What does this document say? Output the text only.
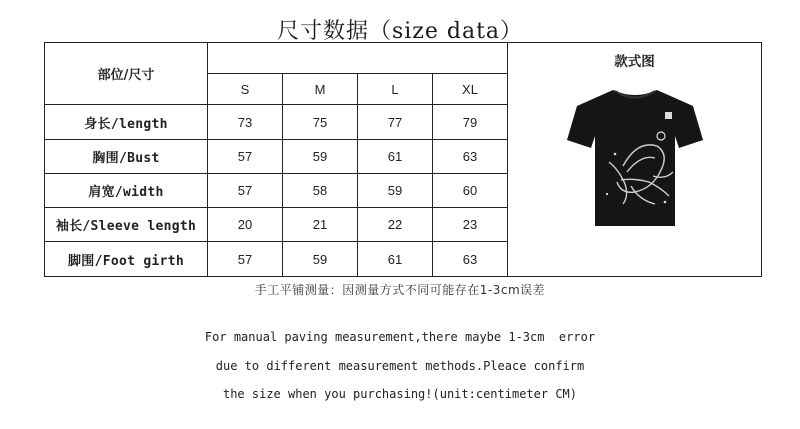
尺寸数据（size data）
部位/尺寸					款式图

	S	M	L	XL	
身长/length	73	75	77	79	
胸围/Bust	57	59	61	63	
肩宽/width	57	58	59	60	
袖长/Sleeve length	20	21	22	23	
脚围/Foot girth	57	59	61	63	
手工平铺测量：因测量方式不同可能存在1-3cm误差
For manual paving measurement,there maybe 1-3cm  error
due to different measurement methods.Pleace confirm
the size when you purchasing!(unit:centimeter CM)
